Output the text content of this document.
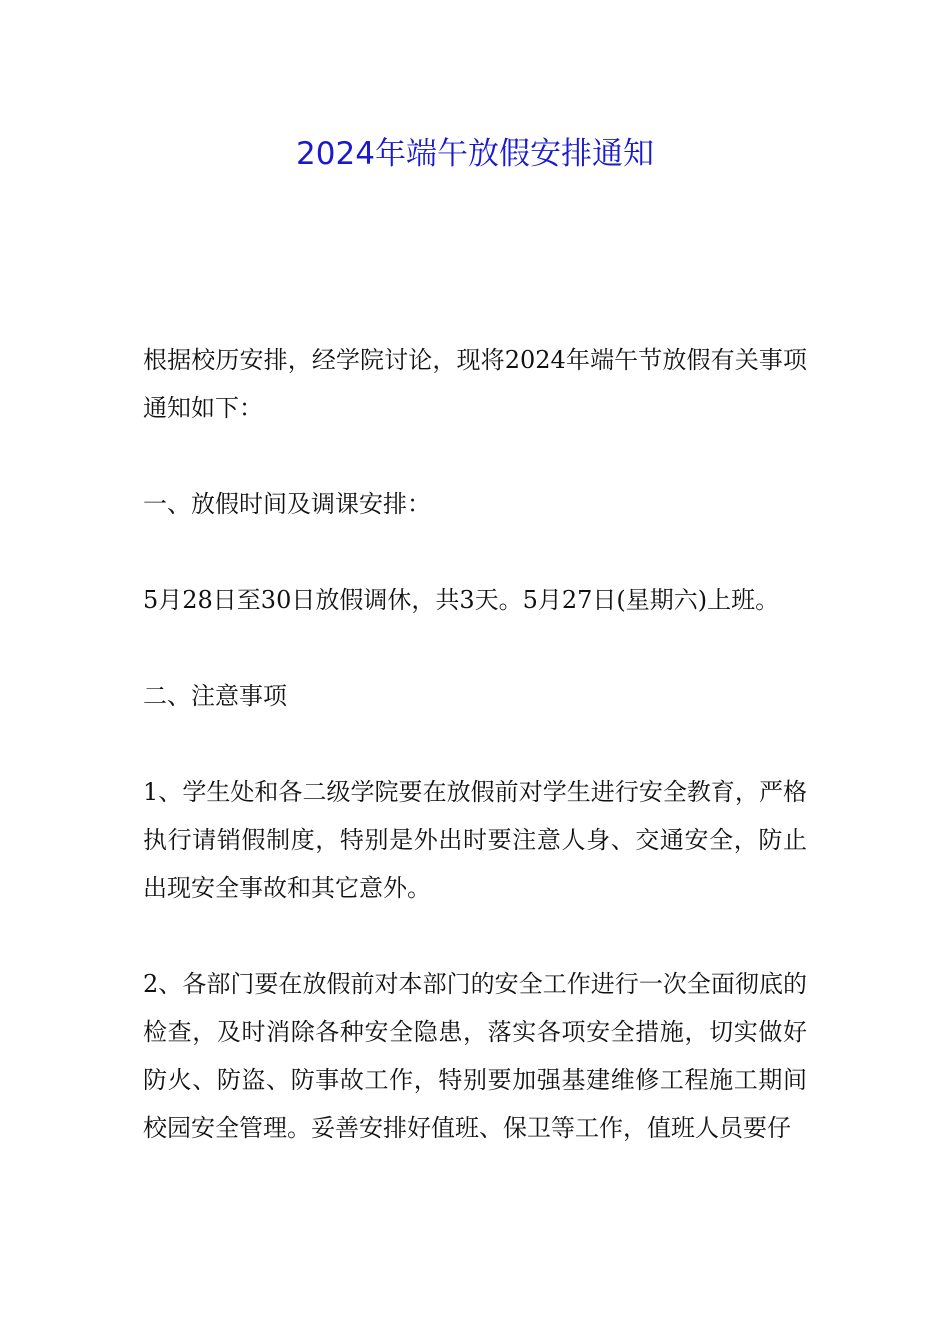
2024年端午放假安排通知

根据校历安排，经学院讨论，现将2024年端午节放假有关事项通知如下：

一、放假时间及调课安排：

5月28日至30日放假调休，共3天。5月27日(星期六)上班。

二、注意事项

1、学生处和各二级学院要在放假前对学生进行安全教育，严格执行请销假制度，特别是外出时要注意人身、交通安全，防止出现安全事故和其它意外。

2、各部门要在放假前对本部门的安全工作进行一次全面彻底的检查，及时消除各种安全隐患，落实各项安全措施，切实做好防火、防盗、防事故工作，特别要加强基建维修工程施工期间校园安全管理。妥善安排好值班、保卫等工作，值班人员要仔
